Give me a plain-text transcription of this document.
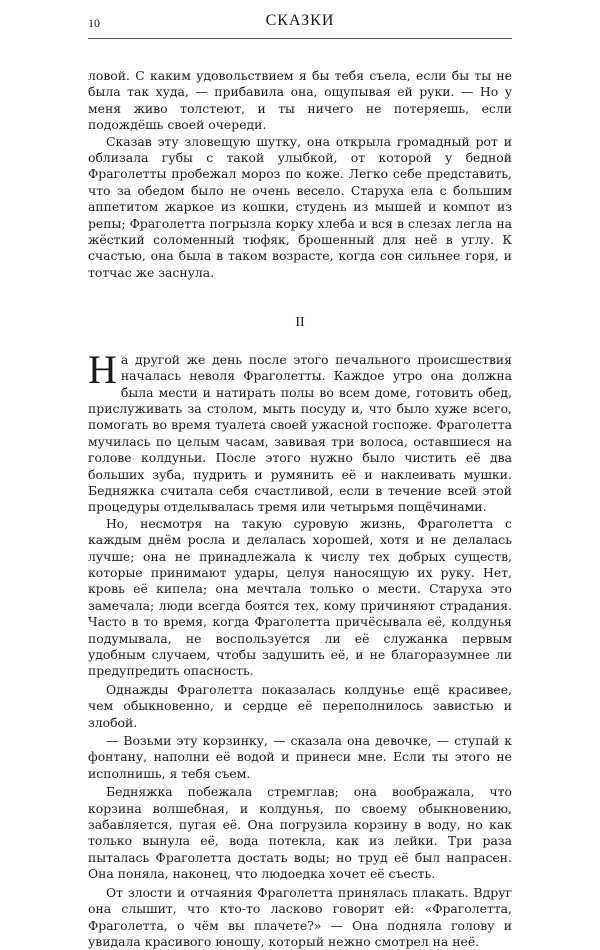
10	СКАЗКИ

ловой. С каким удовольствием я бы тебя съела, если бы ты не была так худа, — прибавила она, ощупывая ей руки. — Но у меня живо толстеют, и ты ничего не потеряешь, если подождёшь своей очереди.

Сказав эту зловещую шутку, она открыла громадный рот и облизала губы с такой улыбкой, от которой у бедной Фраголетты пробежал мороз по коже. Легко себе представить, что за обедом было не очень весело. Старуха ела с большим аппетитом жаркое из кошки, студень из мышей и компот из репы; Фраголетта погрызла корку хлеба и вся в слезах легла на жёсткий соломенный тюфяк, брошенный для неё в углу. К счастью, она была в таком возрасте, когда сон сильнее горя, и тотчас же заснула.

II

На другой же день после этого печального происшествия началась неволя Фраголетты. Каждое утро она должна была мести и натирать полы во всем доме, готовить обед, прислуживать за столом, мыть посуду и, что было хуже всего, помогать во время туалета своей ужасной госпоже. Фраголетта мучилась по целым часам, завивая три волоса, оставшиеся на голове колдуньи. После этого нужно было чистить её два больших зуба, пудрить и румянить её и наклеивать мушки. Бедняжка считала себя счастливой, если в течение всей этой процедуры отделывалась тремя или четырьмя пощёчинами.

Но, несмотря на такую суровую жизнь, Фраголетта с каждым днём росла и делалась хорошей, хотя и не делалась лучше; она не принадлежала к числу тех добрых существ, которые принимают удары, целуя наносящую их руку. Нет, кровь её кипела; она мечтала только о мести. Старуха это замечала; люди всегда боятся тех, кому причиняют страдания. Часто в то время, когда Фраголетта причёсывала её, колдунья подумывала, не воспользуется ли её служанка первым удобным случаем, чтобы задушить её, и не благоразумнее ли предупредить опасность.

Однажды Фраголетта показалась колдунье ещё красивее, чем обыкновенно, и сердце её переполнилось завистью и злобой.

— Возьми эту корзинку, — сказала она девочке, — ступай к фонтану, наполни её водой и принеси мне. Если ты этого не исполнишь, я тебя съем.

Бедняжка побежала стремглав; она воображала, что корзина волшебная, и колдунья, по своему обыкновению, забавляется, пугая её. Она погрузила корзину в воду, но как только вынула её, вода потекла, как из лейки. Три раза пыталась Фраголетта достать воды; но труд её был напрасен. Она поняла, наконец, что людоедка хочет её съесть.

От злости и отчаяния Фраголетта принялась плакать. Вдруг она слышит, что кто-то ласково говорит ей: «Фраголетта, Фраголетта, о чём вы плачете?» — Она подняла голову и увидала красивого юношу, который нежно смотрел на неё.
